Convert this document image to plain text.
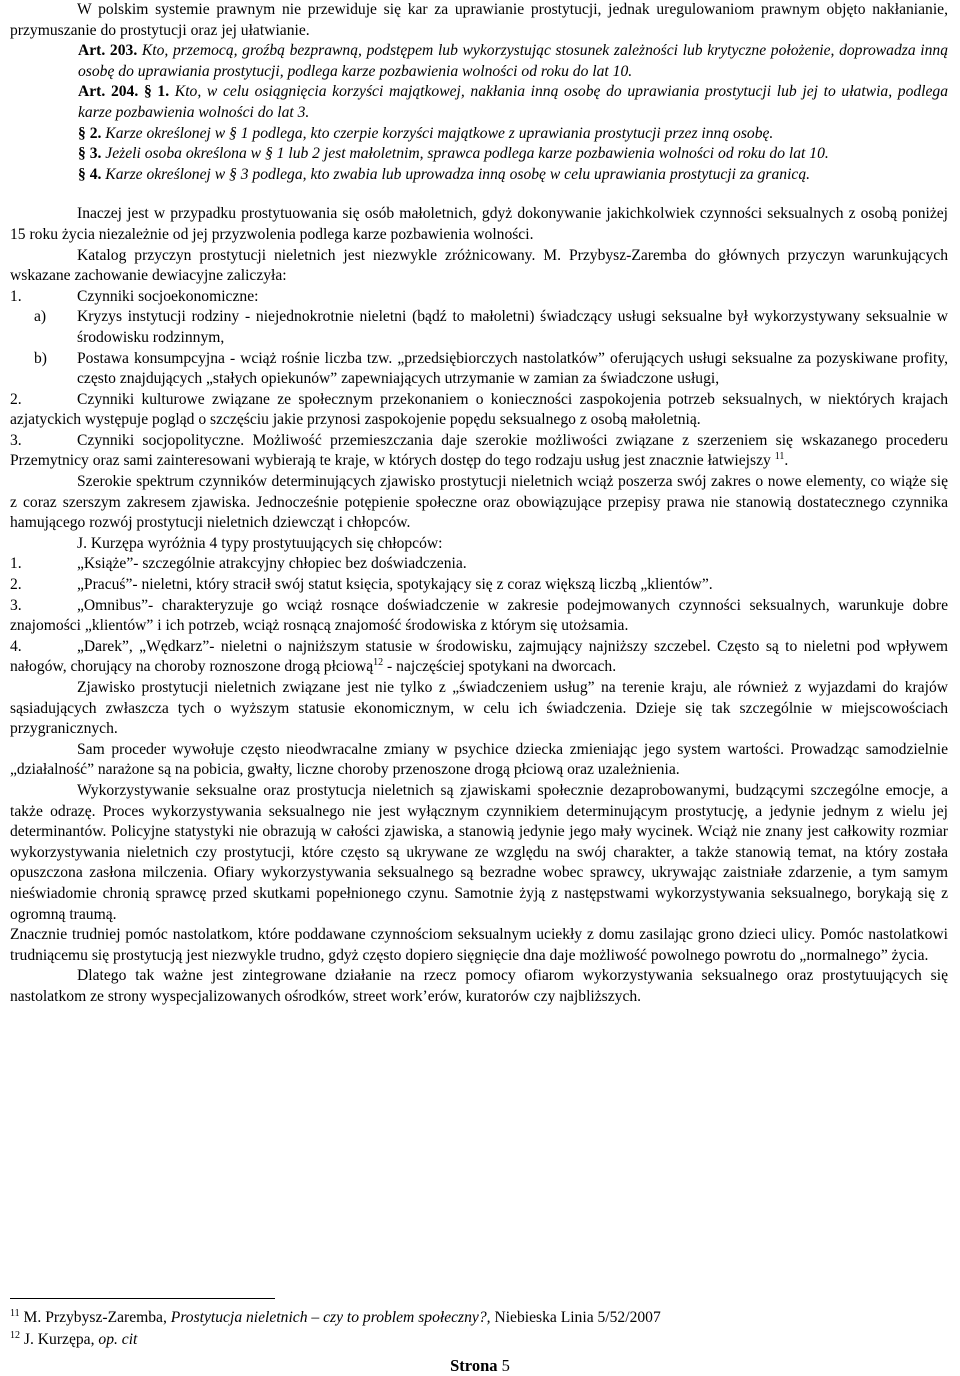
W polskim systemie prawnym nie przewiduje się kar za uprawianie prostytucji, jednak uregulowaniom prawnym objęto nakłanianie, przymuszanie do prostytucji oraz jej ułatwianie.

Art. 203. Kto, przemocą, groźbą bezprawną, podstępem lub wykorzystując stosunek zależności lub krytyczne położenie, doprowadza inną osobę do uprawiania prostytucji, podlega karze pozbawienia wolności od roku do lat 10.

Art. 204. § 1. Kto, w celu osiągnięcia korzyści majątkowej, nakłania inną osobę do uprawiania prostytucji lub jej to ułatwia, podlega karze pozbawienia wolności do lat 3.

§ 2. Karze określonej w § 1 podlega, kto czerpie korzyści majątkowe z uprawiania prostytucji przez inną osobę.

§ 3. Jeżeli osoba określona w § 1 lub 2 jest małoletnim, sprawca podlega karze pozbawienia wolności od roku do lat 10.

§ 4. Karze określonej w § 3 podlega, kto zwabia lub uprowadza inną osobę w celu uprawiania prostytucji za granicą.

Inaczej jest w przypadku prostytuowania się osób małoletnich, gdyż dokonywanie jakichkolwiek czynności seksualnych z osobą poniżej 15 roku życia niezależnie od jej przyzwolenia podlega karze pozbawienia wolności.

Katalog przyczyn prostytucji nieletnich jest niezwykle zróżnicowany. M. Przybysz-Zaremba do głównych przyczyn warunkujących wskazane zachowanie dewiacyjne zaliczyła:

1.	Czynniki socjoekonomiczne:
a)	Kryzys instytucji rodziny - niejednokrotnie nieletni (bądź to małoletni) świadczący usługi seksualne był wykorzystywany seksualnie w środowisku rodzinnym,
b)	Postawa konsumpcyjna - wciąż rośnie liczba tzw. „przedsiębiorczych nastolatków” oferujących usługi seksualne za pozyskiwane profity, często znajdujących „stałych opiekunów” zapewniających utrzymanie w zamian za świadczone usługi,

2.	Czynniki kulturowe związane ze społecznym przekonaniem o konieczności zaspokojenia potrzeb seksualnych, w niektórych krajach azjatyckich występuje pogląd o szczęściu jakie przynosi zaspokojenie popędu seksualnego z osobą małoletnią.

3.	Czynniki socjopolityczne. Możliwość przemieszczania daje szerokie możliwości związane z szerzeniem się wskazanego procederu Przemytnicy oraz sami zainteresowani wybierają te kraje, w których dostęp do tego rodzaju usług jest znacznie łatwiejszy $^{11}$.

Szerokie spektrum czynników determinujących zjawisko prostytucji nieletnich wciąż poszerza swój zakres o nowe elementy, co wiąże się z coraz szerszym zakresem zjawiska. Jednocześnie potępienie społeczne oraz obowiązujące przepisy prawa nie stanowią dostatecznego czynnika hamującego rozwój prostytucji nieletnich dziewcząt i chłopców.

J. Kurzępa wyróżnia 4 typy prostytuujących się chłopców:

1.	„Książe”- szczególnie atrakcyjny chłopiec bez doświadczenia.
2.	„Pracuś”- nieletni, który stracił swój statut księcia, spotykający się z coraz większą liczbą „klientów”.

3.	„Omnibus”- charakteryzuje go wciąż rosnące doświadczenie w zakresie podejmowanych czynności seksualnych, warunkuje dobre znajomości „klientów” i ich potrzeb, wciąż rosnącą znajomość środowiska z którym się utożsamia.

4.	„Darek”, „Wędkarz”- nieletni o najniższym statusie w środowisku, zajmujący najniższy szczebel. Często są to nieletni pod wpływem nałogów, chorujący na choroby roznoszone drogą płciową$^{12}$ - najczęściej spotykani na dworcach.

Zjawisko prostytucji nieletnich związane jest nie tylko z „świadczeniem usług” na terenie kraju, ale również z wyjazdami do krajów sąsiadujących zwłaszcza tych o wyższym statusie ekonomicznym, w celu ich świadczenia. Dzieje się tak szczególnie w miejscowościach przygranicznych.

Sam proceder wywołuje często nieodwracalne zmiany w psychice dziecka zmieniając jego system wartości. Prowadząc samodzielnie „działalność” narażone są na pobicia, gwałty, liczne choroby przenoszone drogą płciową oraz uzależnienia.

Wykorzystywanie seksualne oraz prostytucja nieletnich są zjawiskami społecznie dezaprobowanymi, budzącymi szczególne emocje, a także odrazę. Proces wykorzystywania seksualnego nie jest wyłącznym czynnikiem determinującym prostytucję, a jedynie jednym z wielu jej determinantów. Policyjne statystyki nie obrazują w całości zjawiska, a stanowią jedynie jego mały wycinek. Wciąż nie znany jest całkowity rozmiar wykorzystywania nieletnich czy prostytucji, które często są ukrywane ze względu na swój charakter, a także stanowią temat, na który została opuszczona zasłona milczenia. Ofiary wykorzystywania seksualnego są bezradne wobec sprawcy, ukrywając zaistniałe zdarzenie, a tym samym nieświadomie chronią sprawcę przed skutkami popełnionego czynu. Samotnie żyją z następstwami wykorzystywania seksualnego, borykają się z ogromną traumą.

Znacznie trudniej pomóc nastolatkom, które poddawane czynnościom seksualnym uciekły z domu zasilając grono dzieci ulicy. Pomóc nastolatkowi trudniącemu się prostytucją jest niezwykle trudno, gdyż często dopiero sięgnięcie dna daje możliwość powolnego powrotu do „normalnego” życia.

Dlatego tak ważne jest zintegrowane działanie na rzecz pomocy ofiarom wykorzystywania seksualnego oraz prostytuujących się nastolatkom ze strony wyspecjalizowanych ośrodków, street work’erów, kuratorów czy najbliższych.

$^{11}$ M. Przybysz-Zaremba, Prostytucja nieletnich – czy to problem społeczny?, Niebieska Linia 5/52/2007
$^{12}$ J. Kurzępa, op. cit
Strona 5
